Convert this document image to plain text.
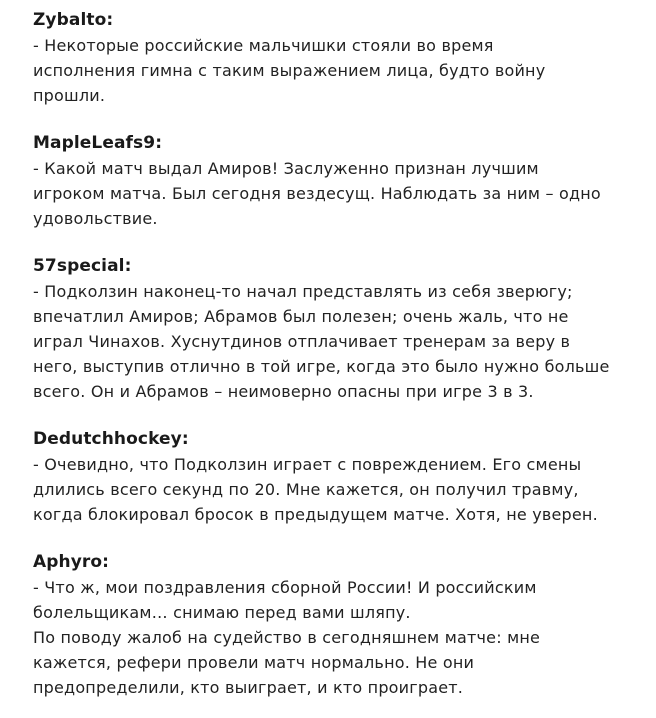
Zybalto:
- Некоторые российские мальчишки стояли во время
исполнения гимна с таким выражением лица, будто войну
прошли.
MapleLeafs9:
- Какой матч выдал Амиров! Заслуженно признан лучшим
игроком матча. Был сегодня вездесущ. Наблюдать за ним – одно
удовольствие.
57special:
- Подколзин наконец-то начал представлять из себя зверюгу;
впечатлил Амиров; Абрамов был полезен; очень жаль, что не
играл Чинахов. Хуснутдинов отплачивает тренерам за веру в
него, выступив отлично в той игре, когда это было нужно больше
всего. Он и Абрамов – неимоверно опасны при игре 3 в 3.
Dedutchhockey:
- Очевидно, что Подколзин играет с повреждением. Его смены
длились всего секунд по 20. Мне кажется, он получил травму,
когда блокировал бросок в предыдущем матче. Хотя, не уверен.
Aphyro:
- Что ж, мои поздравления сборной России! И российским
болельщикам… снимаю перед вами шляпу.
По поводу жалоб на судейство в сегодняшнем матче: мне
кажется, рефери провели матч нормально. Не они
предопределили, кто выиграет, и кто проиграет.
